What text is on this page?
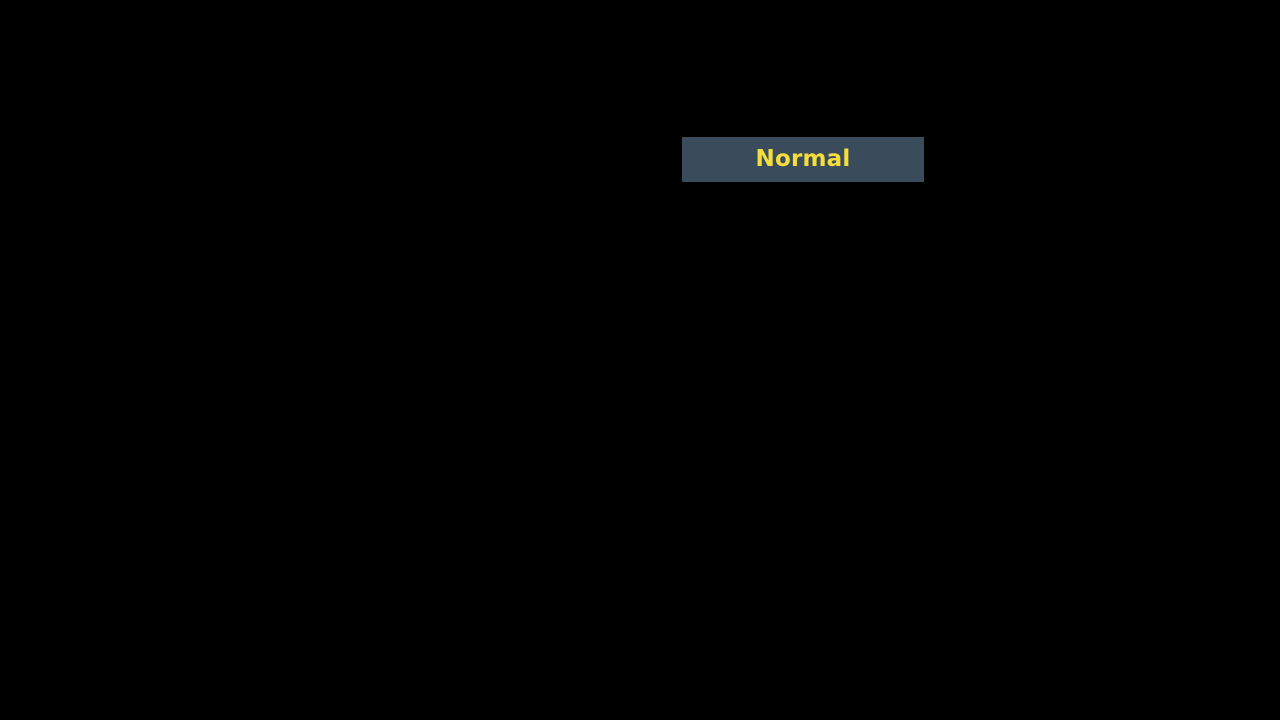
Normal
